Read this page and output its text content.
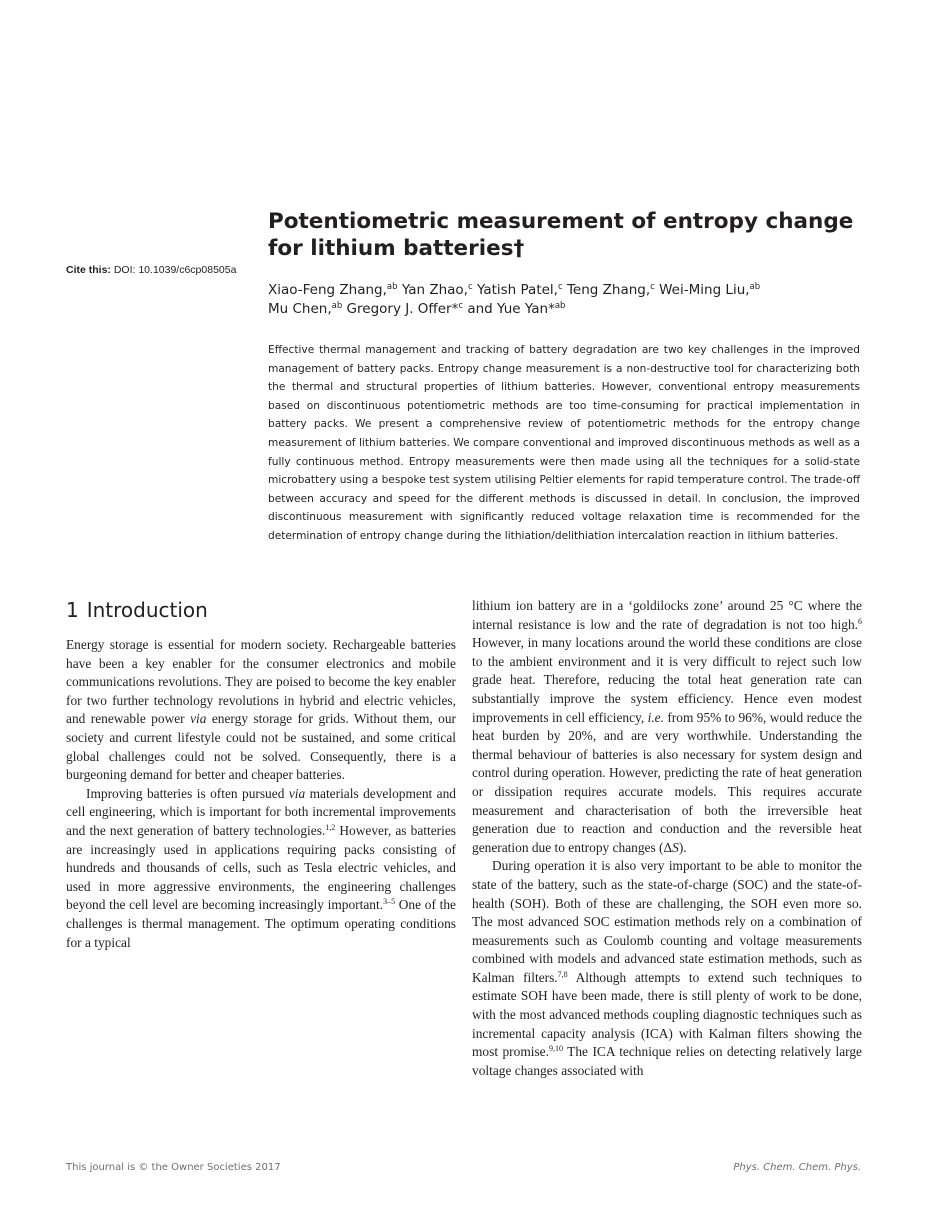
Cite this: DOI: 10.1039/c6cp08505a
Potentiometric measurement of entropy change for lithium batteries†
Xiao-Feng Zhang,$^{ab}$ Yan Zhao,$^c$ Yatish Patel,$^c$ Teng Zhang,$^c$ Wei-Ming Liu,$^{ab}$
Mu Chen,$^{ab}$ Gregory J. Offer*$^c$ and Yue Yan*$^{ab}$

Effective thermal management and tracking of battery degradation are two key challenges in the improved management of battery packs. Entropy change measurement is a non-destructive tool for characterizing both the thermal and structural properties of lithium batteries. However, conventional entropy measurements based on discontinuous potentiometric methods are too time-consuming for practical implementation in battery packs. We present a comprehensive review of potentiometric methods for the entropy change measurement of lithium batteries. We compare conventional and improved discontinuous methods as well as a fully continuous method. Entropy measurements were then made using all the techniques for a solid-state microbattery using a bespoke test system utilising Peltier elements for rapid temperature control. The trade-off between accuracy and speed for the different methods is discussed in detail. In conclusion, the improved discontinuous measurement with significantly reduced voltage relaxation time is recommended for the determination of entropy change during the lithiation/delithiation intercalation reaction in lithium batteries.

1 Introduction

Energy storage is essential for modern society. Rechargeable batteries have been a key enabler for the consumer electronics and mobile communications revolutions. They are poised to become the key enabler for two further technology revolutions in hybrid and electric vehicles, and renewable power via energy storage for grids. Without them, our society and current lifestyle could not be sustained, and some critical global challenges could not be solved. Consequently, there is a burgeoning demand for better and cheaper batteries.

Improving batteries is often pursued via materials development and cell engineering, which is important for both incremental improvements and the next generation of battery technologies.$^{1,2}$ However, as batteries are increasingly used in applications requiring packs consisting of hundreds and thousands of cells, such as Tesla electric vehicles, and used in more aggressive environments, the engineering challenges beyond the cell level are becoming increasingly important.$^{3-5}$ One of the challenges is thermal management. The optimum operating conditions for a typical

lithium ion battery are in a ‘goldilocks zone’ around 25 °C where the internal resistance is low and the rate of degradation is not too high.$^6$ However, in many locations around the world these conditions are close to the ambient environment and it is very difficult to reject such low grade heat. Therefore, reducing the total heat generation rate can substantially improve the system efficiency. Hence even modest improvements in cell efficiency, i.e. from 95% to 96%, would reduce the heat burden by 20%, and are very worthwhile. Understanding the thermal behaviour of batteries is also necessary for system design and control during operation. However, predicting the rate of heat generation or dissipation requires accurate models. This requires accurate measurement and characterisation of both the irreversible heat generation due to reaction and conduction and the reversible heat generation due to entropy changes (ΔS).

During operation it is also very important to be able to monitor the state of the battery, such as the state-of-charge (SOC) and the state-of-health (SOH). Both of these are challenging, the SOH even more so. The most advanced SOC estimation methods rely on a combination of measurements such as Coulomb counting and voltage measurements combined with models and advanced state estimation methods, such as Kalman filters.$^{7,8}$ Although attempts to extend such techniques to estimate SOH have been made, there is still plenty of work to be done, with the most advanced methods coupling diagnostic techniques such as incremental capacity analysis (ICA) with Kalman filters showing the most promise.$^{9,10}$ The ICA technique relies on detecting relatively large voltage changes associated with

This journal is © the Owner Societies 2017	Phys. Chem. Chem. Phys.
